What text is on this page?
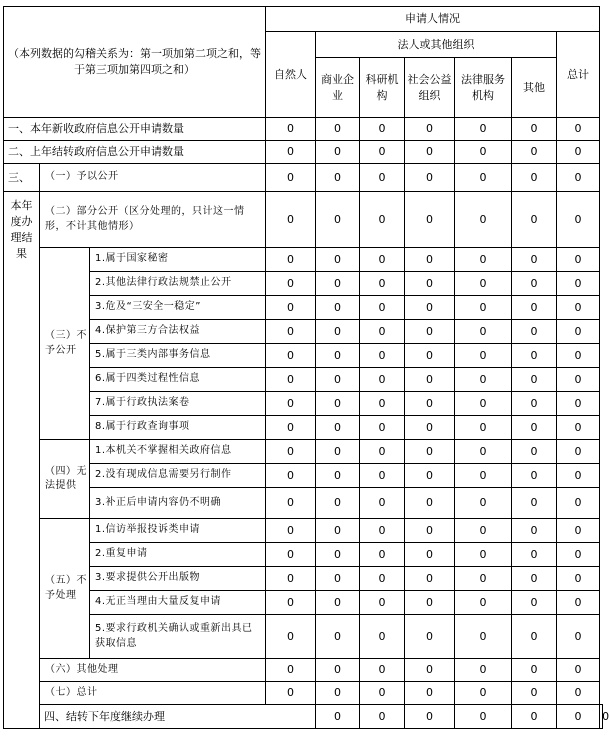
（本列数据的勾稽关系为：第一项加第二项之和，等于第三项加第四项之和）			申请人情况							
			自然人	法人或其他组织					总计	
				商业企业	科研机构	社会公益组织	法律服务机构	其他		
一、本年新收政府信息公开申请数量			0	0	0	0	0	0	0	
二、上年结转政府信息公开申请数量			0	0	0	0	0	0	0	
三、	（一）予以公开		0	0	0	0	0	0	0	
本年度办理结果	（二）部分公开（区分处理的，只计这一情形，不计其他情形）		0	0	0	0	0	0	0	
	（三）不予公开	1.属于国家秘密	0	0	0	0	0	0	0	
		2.其他法律行政法规禁止公开	0	0	0	0	0	0	0	
		3.危及“三安全一稳定”	0	0	0	0	0	0	0	
		4.保护第三方合法权益	0	0	0	0	0	0	0	
		5.属于三类内部事务信息	0	0	0	0	0	0	0	
		6.属于四类过程性信息	0	0	0	0	0	0	0	
		7.属于行政执法案卷	0	0	0	0	0	0	0	
		8.属于行政查询事项	0	0	0	0	0	0	0	
	（四）无法提供	1.本机关不掌握相关政府信息	0	0	0	0	0	0	0	
		2.没有现成信息需要另行制作	0	0	0	0	0	0	0	
		3.补正后申请内容仍不明确	0	0	0	0	0	0	0	
	（五）不予处理	1.信访举报投诉类申请	0	0	0	0	0	0	0	
		2.重复申请	0	0	0	0	0	0	0	
		3.要求提供公开出版物	0	0	0	0	0	0	0	
		4.无正当理由大量反复申请	0	0	0	0	0	0	0	
		5.要求行政机关确认或重新出具已获取信息	0	0	0	0	0	0	0	
	（六）其他处理		0	0	0	0	0	0	0	
	（七）总计		0	0	0	0	0	0	0	
	四、结转下年度继续办理			0	0	0	0	0	0	0
